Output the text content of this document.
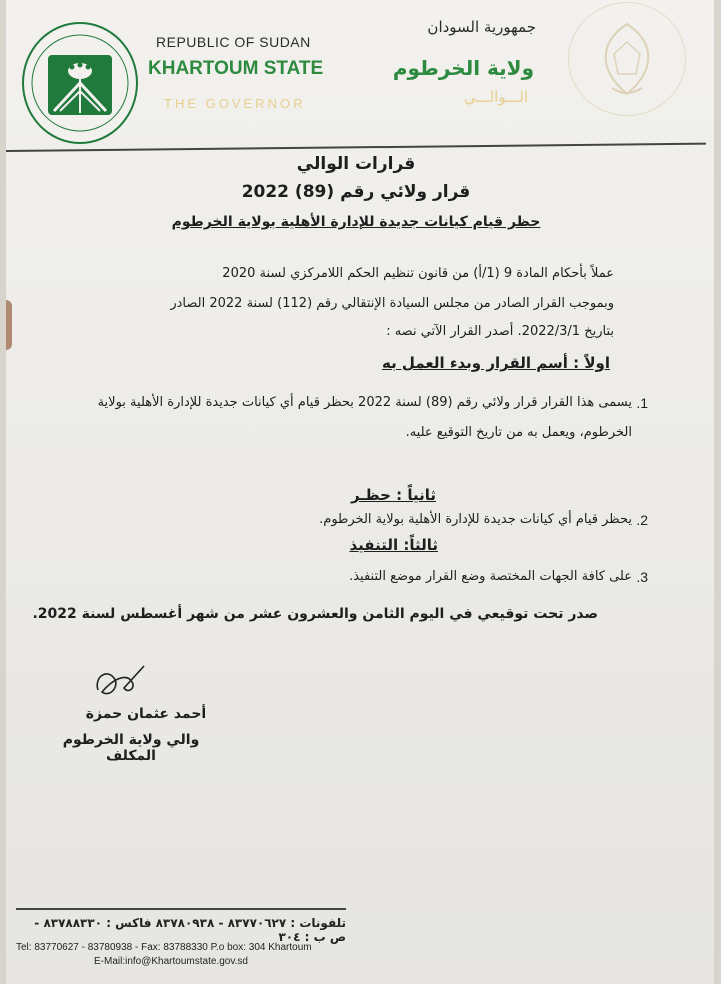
REPUBLIC OF SUDAN
KHARTOUM STATE
THE GOVERNOR
جمهورية السودان
ولاية الخرطوم
الـــوالـــي
قرارات الوالي
قرار ولائي رقم (89) 2022
حظر قيام كيانات جديدة للإدارة الأهلية بولاية الخرطوم
عملاً بأحكام المادة 9 (1/أ) من قانون تنظيم الحكم اللامركزي لسنة 2020
وبموجب القرار الصادر من مجلس السيادة الإنتقالي رقم (112) لسنة 2022 الصادر
بتاريخ 2022/3/1. أصدر القرار الآتي نصه :
اولاً : أسم القرار وبدء العمل به
1.
يسمى هذا القرار قرار ولائي رقم (89) لسنة 2022 بحظر قيام أي كيانات جديدة للإدارة الأهلية بولاية الخرطوم، ويعمل به من تاريخ التوقيع عليه.
ثانياً : حظـر
2.
يحظر قيام أي كيانات جديدة للإدارة الأهلية بولاية الخرطوم.
ثالثاً: التنفيذ
3.
على كافة الجهات المختصة وضع القرار موضع التنفيذ.
صدر تحت توقيعي في اليوم الثامن والعشرون عشر من شهر أغسطس لسنة 2022.
أحمد عثمان حمزة
والي ولاية الخرطوم المكلف
تلفونات : ٨٣٧٧٠٦٢٧ - ٨٣٧٨٠٩٣٨ فاكس : ٨٣٧٨٨٣٣٠ - ص ب : ٣٠٤
Tel: 83770627 - 83780938 - Fax: 83788330 P.o box: 304 Khartoum
E-Mail:info@Khartoumstate.gov.sd
